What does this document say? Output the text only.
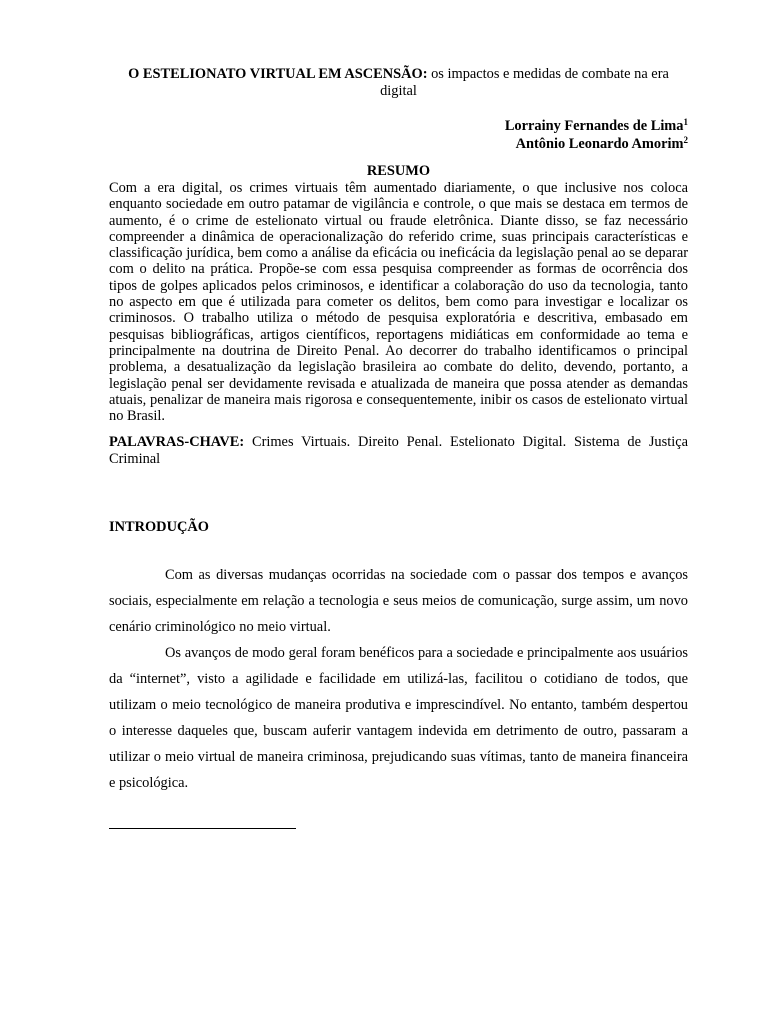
O ESTELIONATO VIRTUAL EM ASCENSÃO: os impactos e medidas de combate na era digital

Lorrainy Fernandes de Lima$^1$
Antônio Leonardo Amorim$^2$
RESUMO

Com a era digital, os crimes virtuais têm aumentado diariamente, o que inclusive nos coloca enquanto sociedade em outro patamar de vigilância e controle, o que mais se destaca em termos de aumento, é o crime de estelionato virtual ou fraude eletrônica. Diante disso, se faz necessário compreender a dinâmica de operacionalização do referido crime, suas principais características e classificação jurídica, bem como a análise da eficácia ou ineficácia da legislação penal ao se deparar com o delito na prática. Propõe-se com essa pesquisa compreender as formas de ocorrência dos tipos de golpes aplicados pelos criminosos, e identificar a colaboração do uso da tecnologia, tanto no aspecto em que é utilizada para cometer os delitos, bem como para investigar e localizar os criminosos. O trabalho utiliza o método de pesquisa exploratória e descritiva, embasado em pesquisas bibliográficas, artigos científicos, reportagens midiáticas em conformidade ao tema e principalmente na doutrina de Direito Penal. Ao decorrer do trabalho identificamos o principal problema, a desatualização da legislação brasileira ao combate do delito, devendo, portanto, a legislação penal ser devidamente revisada e atualizada de maneira que possa atender as demandas atuais, penalizar de maneira mais rigorosa e consequentemente, inibir os casos de estelionato virtual no Brasil.

PALAVRAS-CHAVE: Crimes Virtuais. Direito Penal. Estelionato Digital. Sistema de Justiça Criminal
INTRODUÇÃO

Com as diversas mudanças ocorridas na sociedade com o passar dos tempos e avanços sociais, especialmente em relação a tecnologia e seus meios de comunicação, surge assim, um novo cenário criminológico no meio virtual.

Os avanços de modo geral foram benéficos para a sociedade e principalmente aos usuários da “internet”, visto a agilidade e facilidade em utilizá-las, facilitou o cotidiano de todos, que utilizam o meio tecnológico de maneira produtiva e imprescindível. No entanto, também despertou o interesse daqueles que, buscam auferir vantagem indevida em detrimento de outro, passaram a utilizar o meio virtual de maneira criminosa, prejudicando suas vítimas, tanto de maneira financeira e psicológica.
